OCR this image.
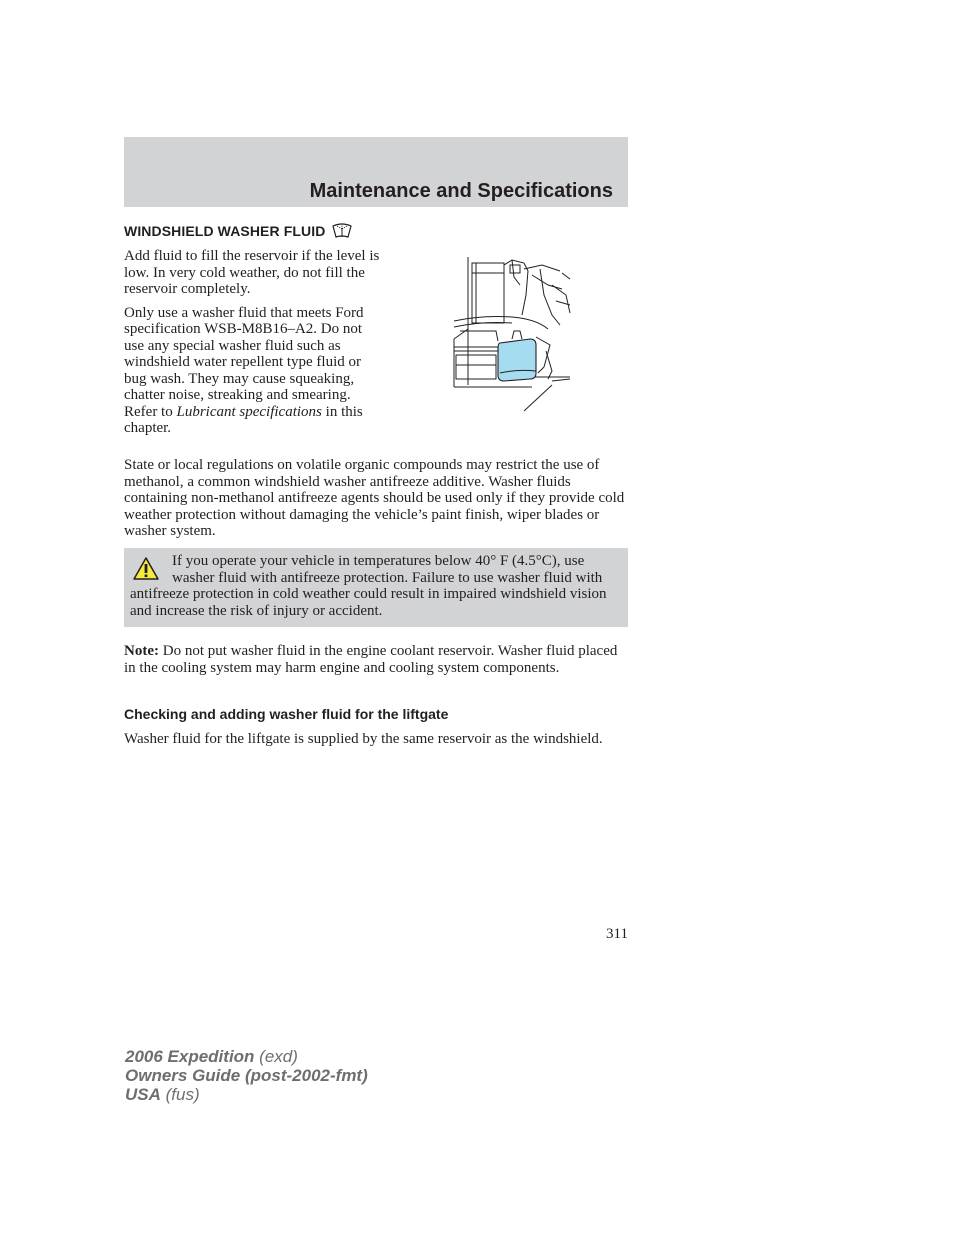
Maintenance and Specifications
WINDSHIELD WASHER FLUID

Add fluid to fill the reservoir if the level is low. In very cold weather, do not fill the reservoir completely.

Only use a washer fluid that meets Ford specification WSB-M8B16–A2. Do not use any special washer fluid such as windshield water repellent type fluid or bug wash. They may cause squeaking, chatter noise, streaking and smearing. Refer to Lubricant specifications in this chapter.

State or local regulations on volatile organic compounds may restrict the use of methanol, a common windshield washer antifreeze additive. Washer fluids containing non-methanol antifreeze agents should be used only if they provide cold weather protection without damaging the vehicle’s paint finish, wiper blades or washer system.

If you operate your vehicle in temperatures below 40° F (4.5°C), use washer fluid with antifreeze protection. Failure to use washer fluid with antifreeze protection in cold weather could result in impaired windshield vision and increase the risk of injury or accident.

Note: Do not put washer fluid in the engine coolant reservoir. Washer fluid placed in the cooling system may harm engine and cooling system components.

Checking and adding washer fluid for the liftgate

Washer fluid for the liftgate is supplied by the same reservoir as the windshield.

311
2006 Expedition (exd)
Owners Guide (post-2002-fmt)
USA (fus)
